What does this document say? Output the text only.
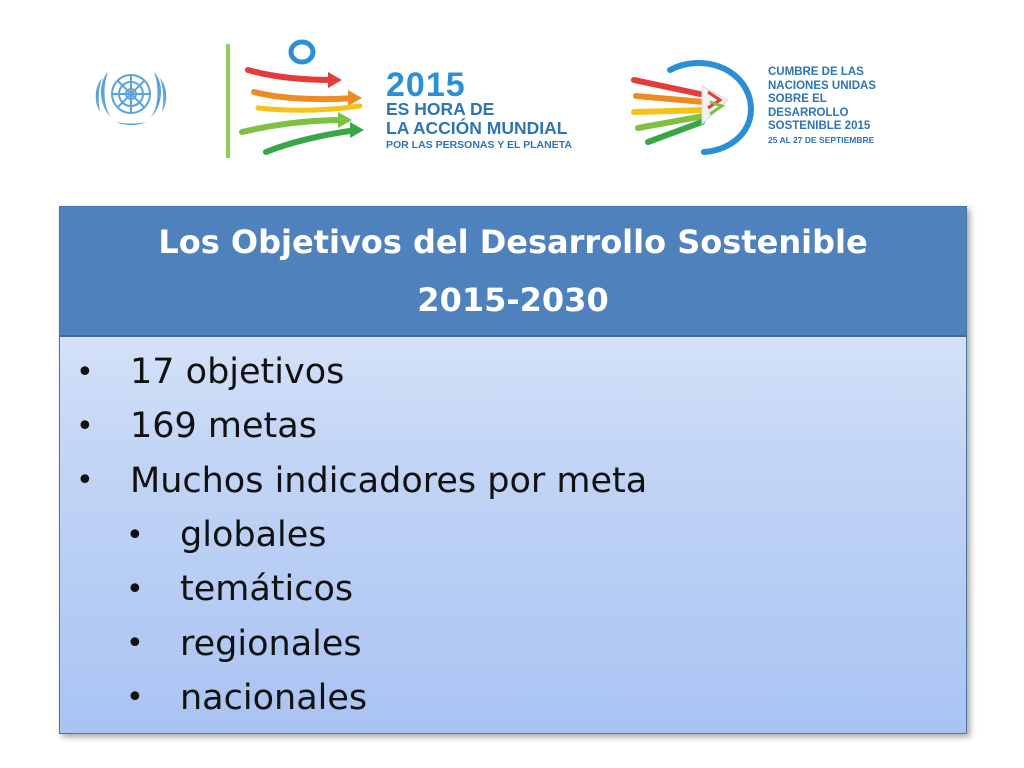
2015
ES HORA DE
LA ACCIÓN MUNDIAL
POR LAS PERSONAS Y EL PLANETA
CUMBRE DE LAS
NACIONES UNIDAS
SOBRE EL
DESARROLLO
SOSTENIBLE 2015
25 AL 27 DE SEPTIEMBRE
Los Objetivos del Desarrollo Sostenible
2015-2030
•	17 objetivos
•	169 metas
•	Muchos indicadores por meta
•	globales
•	temáticos
•	regionales
•	nacionales
